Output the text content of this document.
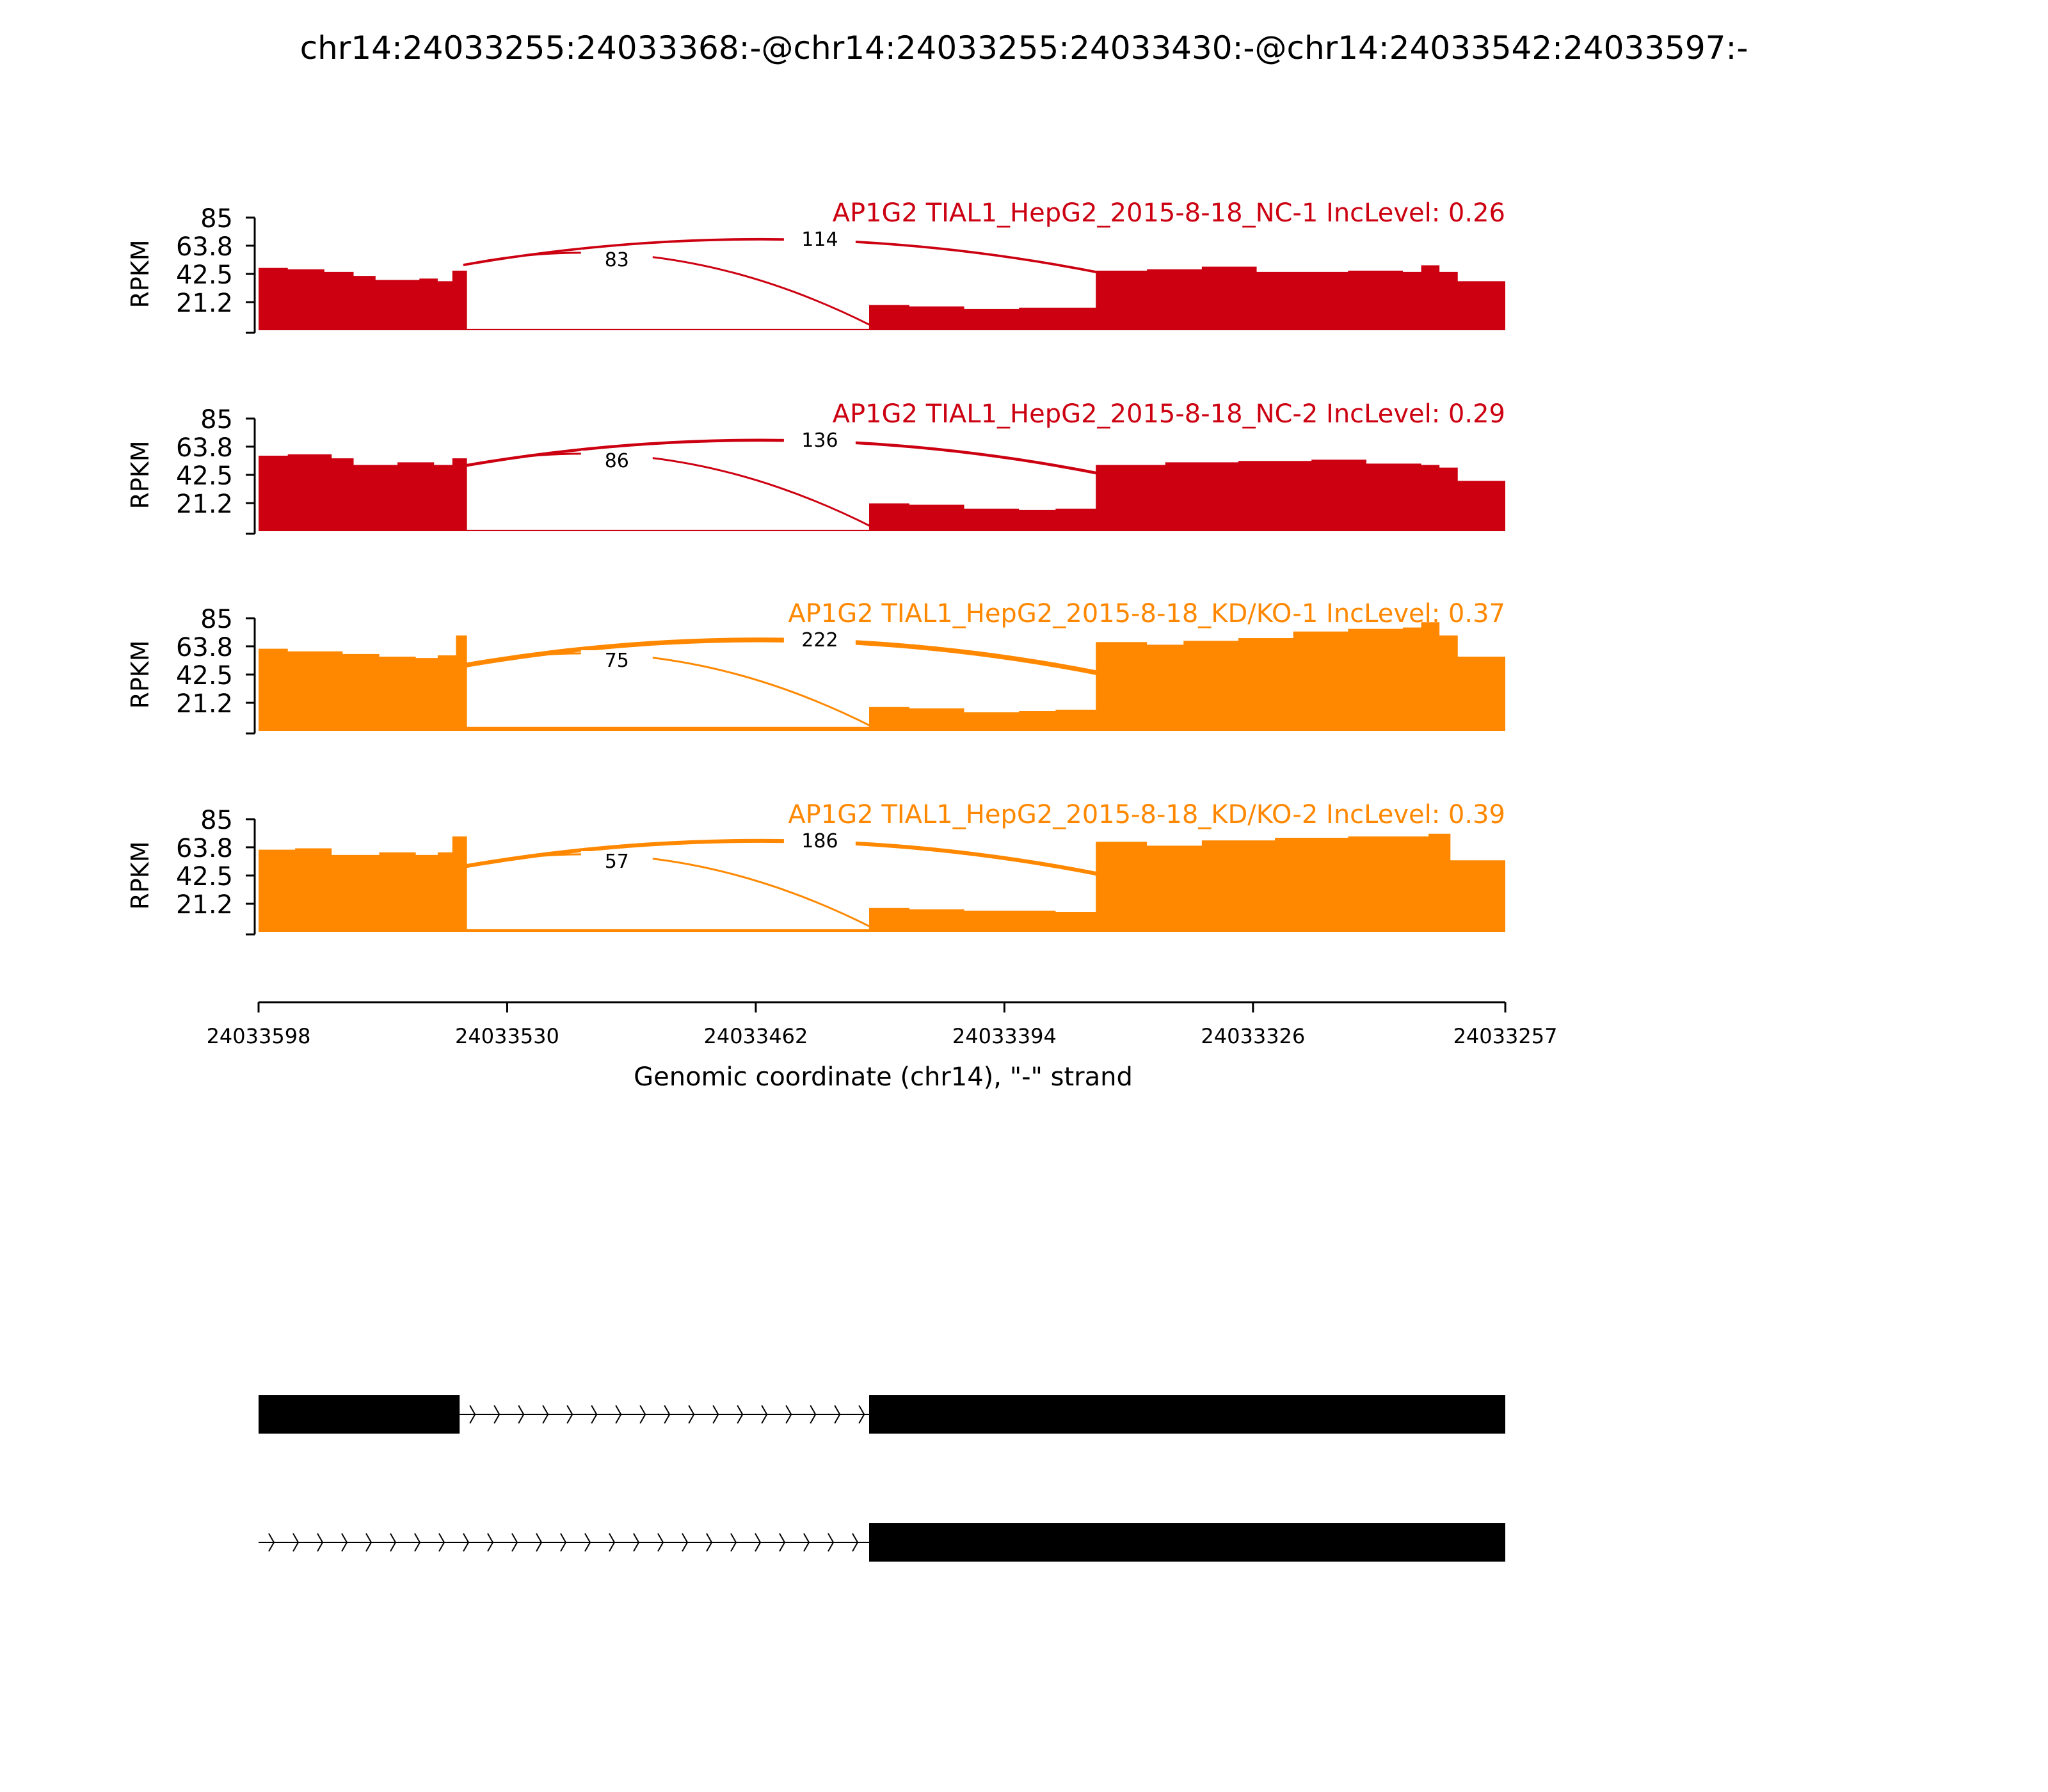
chr14:24033255:24033368:-@chr14:24033255:24033430:-@chr14:24033542:24033597:-
85
63.8
42.5
21.2
RPKM
AP1G2 TIAL1_HepG2_2015-8-18_NC-1 IncLevel: 0.26
114
83
85
63.8
42.5
21.2
RPKM
AP1G2 TIAL1_HepG2_2015-8-18_NC-2 IncLevel: 0.29
136
86
85
63.8
42.5
21.2
RPKM
AP1G2 TIAL1_HepG2_2015-8-18_KD/KO-1 IncLevel: 0.37
222
75
85
63.8
42.5
21.2
RPKM
AP1G2 TIAL1_HepG2_2015-8-18_KD/KO-2 IncLevel: 0.39
186
57
24033598	24033530	24033462	24033394	24033326	24033257
Genomic coordinate (chr14), "-" strand
